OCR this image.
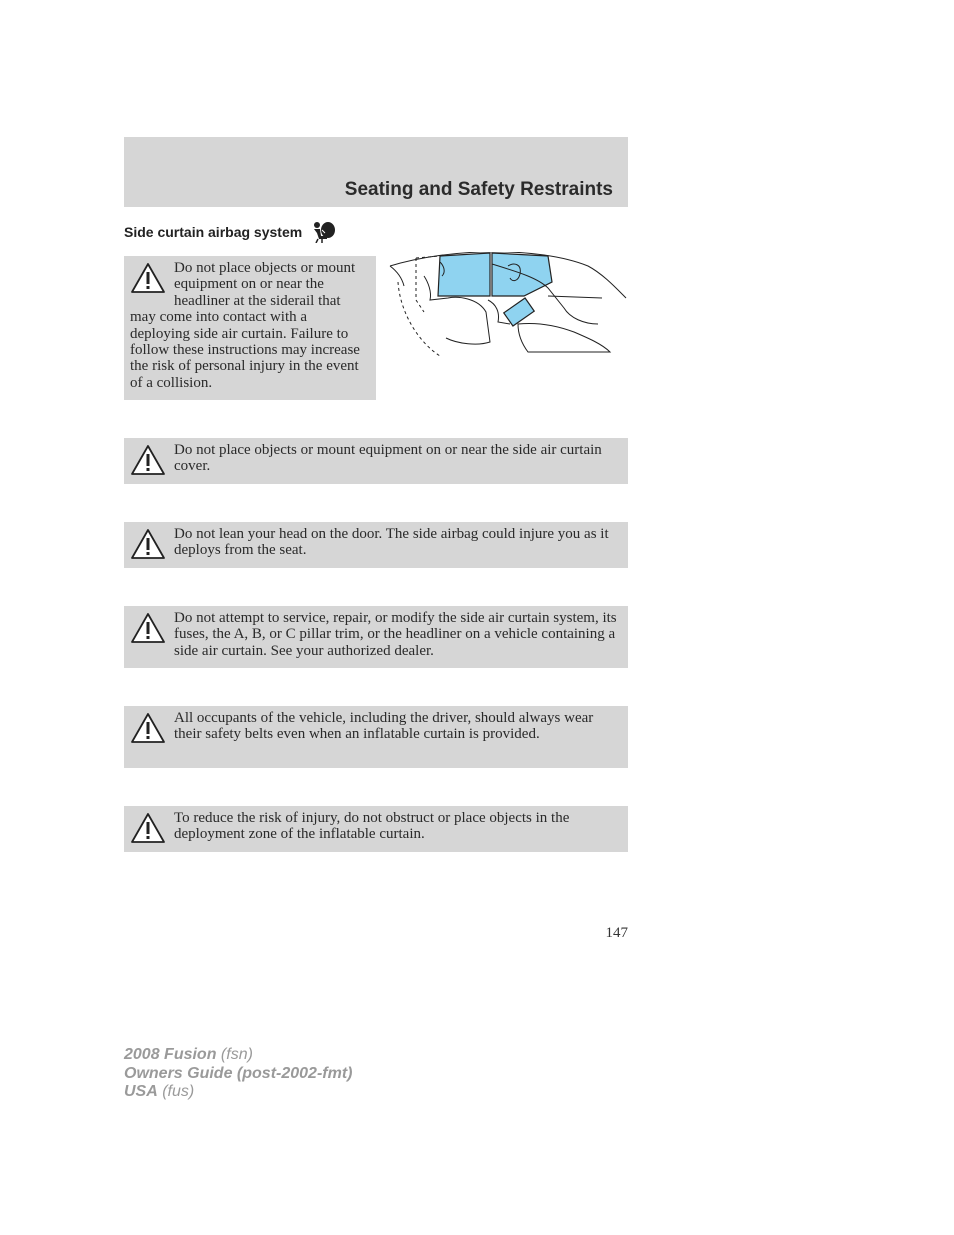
Seating and Safety Restraints
Side curtain airbag system
Do not place objects or mount equipment on or near the headliner at the siderail that may come into contact with a deploying side air curtain. Failure to follow these instructions may increase the risk of personal injury in the event of a collision.
Do not place objects or mount equipment on or near the side air curtain cover.
Do not lean your head on the door. The side airbag could injure you as it deploys from the seat.
Do not attempt to service, repair, or modify the side air curtain system, its fuses, the A, B, or C pillar trim, or the headliner on a vehicle containing a side air curtain. See your authorized dealer.
All occupants of the vehicle, including the driver, should always wear their safety belts even when an inflatable curtain is provided.
To reduce the risk of injury, do not obstruct or place objects in the deployment zone of the inflatable curtain.
147
2008 Fusion (fsn)
Owners Guide (post-2002-fmt)
USA (fus)
